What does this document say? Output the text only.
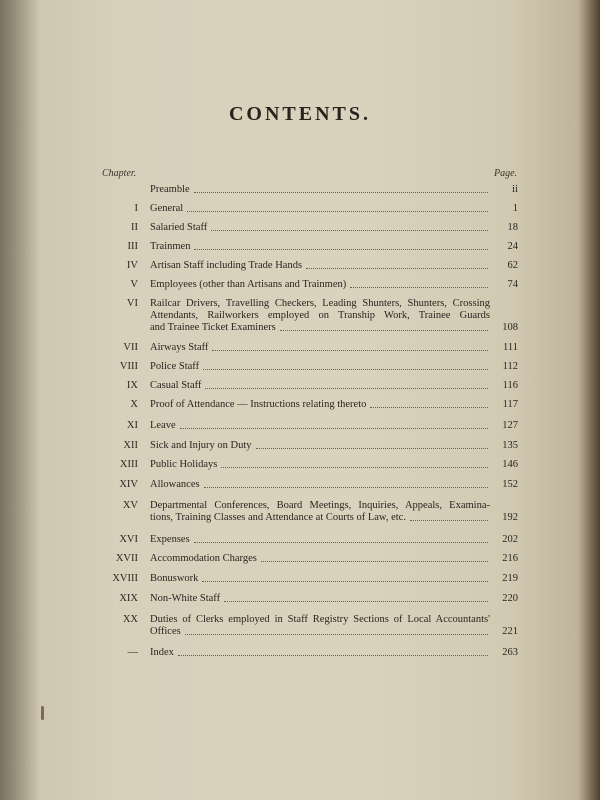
CONTENTS.
Chapter.	Page.
Preamble	ii
I General	1
II Salaried Staff	18
III Trainmen	24
IV Artisan Staff including Trade Hands	62
V Employees (other than Artisans and Trainmen)	74
VI Railcar Drivers, Travelling Checkers, Leading Shunters, Shunters, Crossing
Attendants, Railworkers employed on Tranship Work, Trainee Guards
and Trainee Ticket Examiners	108
VII Airways Staff	111
VIII Police Staff	112
IX Casual Staff	116
X Proof of Attendance — Instructions relating thereto	117
XI Leave	127
XII Sick and Injury on Duty	135
XIII Public Holidays	146
XIV Allowances	152
XV Departmental Conferences, Board Meetings, Inquiries, Appeals, Examina-
tions, Training Classes and Attendance at Courts of Law, etc.	192
XVI Expenses	202
XVII Accommodation Charges	216
XVIII Bonuswork	219
XIX Non-White Staff	220
XX Duties of Clerks employed in Staff Registry Sections of Local Accountants'
Offices	221
— Index	263
